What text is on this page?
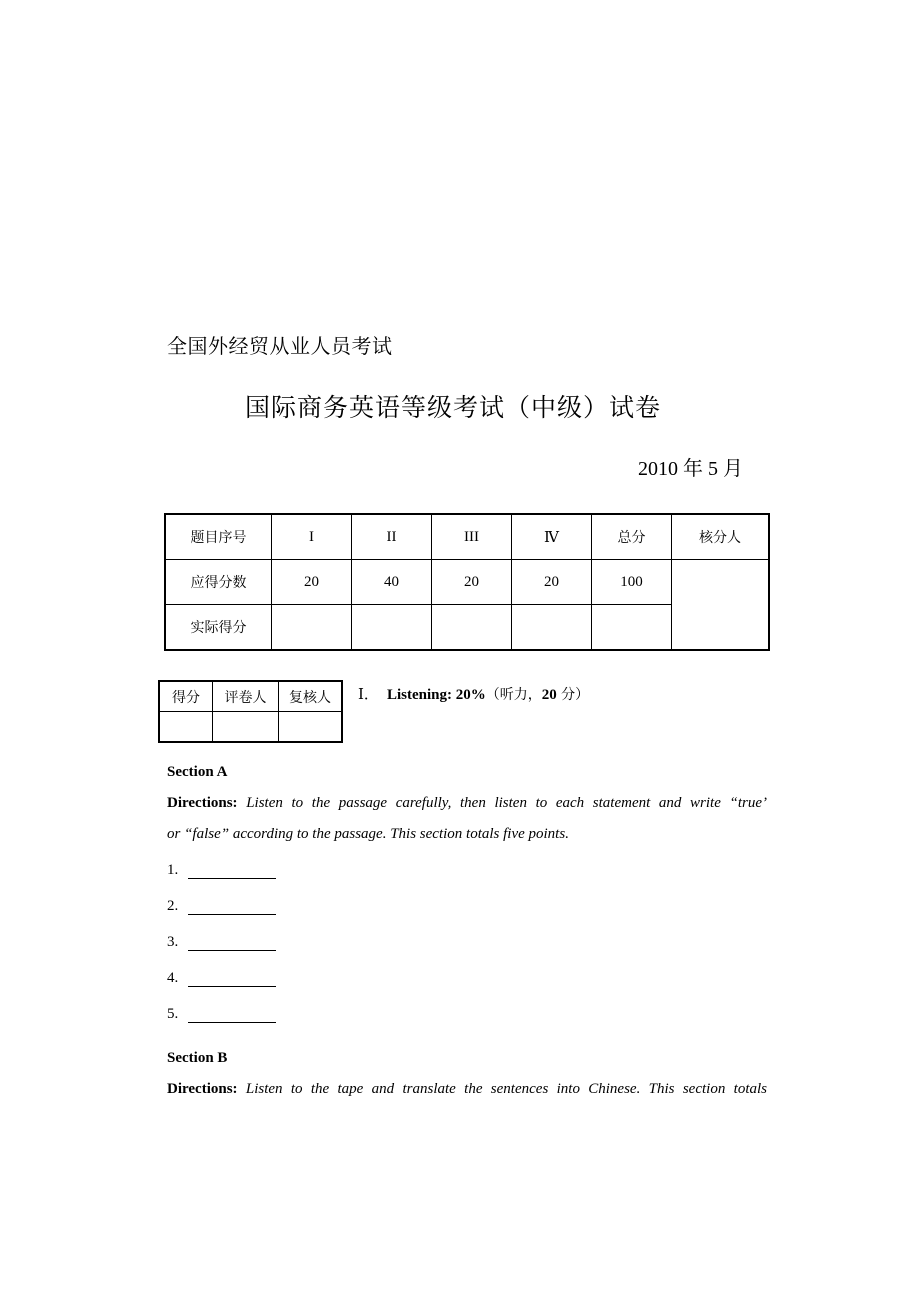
全国外经贸从业人员考试
国际商务英语等级考试（中级）试卷
2010 年 5 月
题目序号	I	II	III	Ⅳ	总分	核分人
应得分数	20	40	20	20	100	
实际得分						
得分	评卷人	复核人
		Ⅰ． Listening: 20%（听力，20 分）
Section A
Directions: Listen to the passage carefully, then listen to each statement and write “true’
or “false” according to the passage. This section totals five points.
1.
2.
3.
4.
5.
Section B
Directions: Listen to the tape and translate the sentences into Chinese. This section totals
